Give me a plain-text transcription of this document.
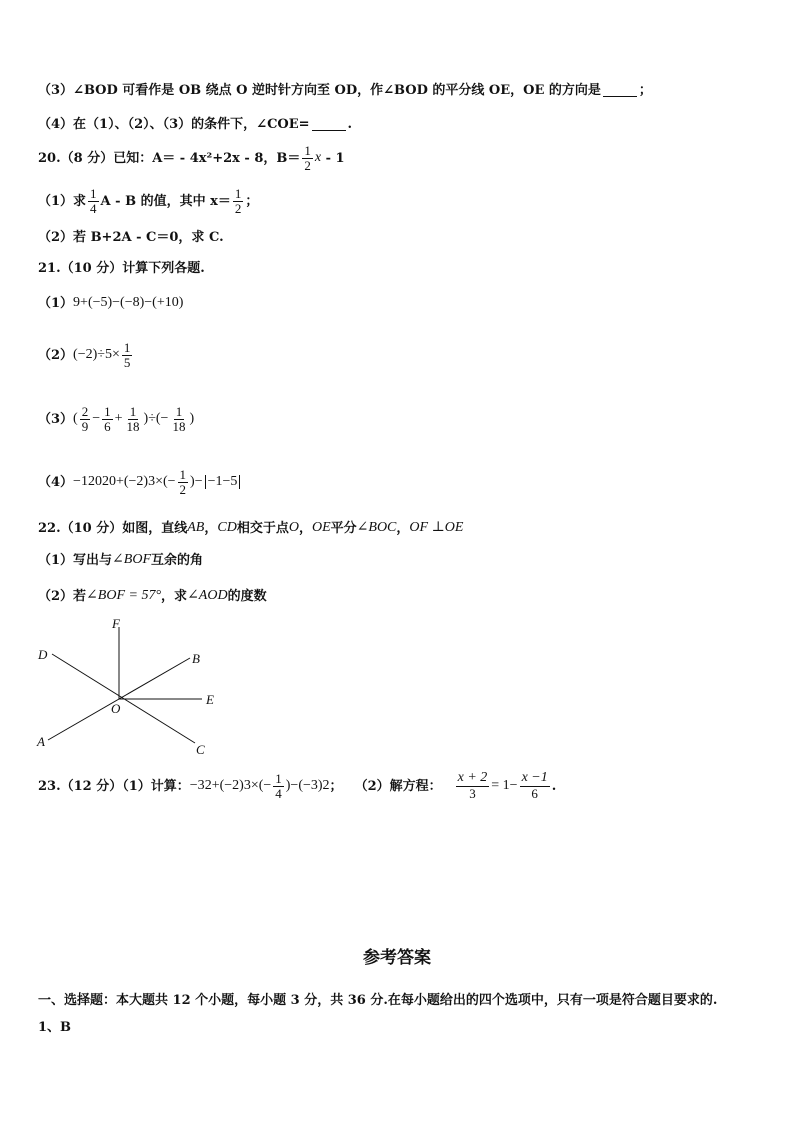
（3）∠BOD 可看作是 OB 绕点 O 逆时针方向至 OD，作∠BOD 的平分线 OE，OE 的方向是	；
（4）在（1）、（2）、（3）的条件下，∠COE=	.
20.（8 分）已知：A＝ - 4x²+2x - 8，$B= \frac{1}{2}$ x - 1
（1）求 $\frac{1}{4}$ A - B 的值，其中 $x= \frac{1}{2}$ ；
（2）若 B+2A - C＝0，求 C.
21.（10 分）计算下列各题.
（1） 9+(−5)−(−8)−(+10)
（2） $(-2)\div 5\times \frac{1}{5}$
（3） ( $\frac{2}{9} - \frac{1}{6} + \frac{1}{18}$ )÷(− $\frac{1}{18}$ )
（4） −1 2020 +(−2) 3 ×(− $\frac{1}{2}$ )− −1−5
22.（10 分）如图，直线 AB ， CD 相交于点 O ， OE 平分 ∠BOC ， OF ⊥OE
（1）写出与 ∠BOF 互余的角
（2）若 ∠BOF = 57° ，求 ∠AOD 的度数
F
D	B
O
E
A
C
23.（12 分）（1）计算： −3 2 +(−2) 3 ×(− $\frac{1}{4} )-(-3)$ 2 ； （2）解方程： $\frac{x + 2}{3} = 1- \frac{x -1}{6}$ .
参考答案
一、选择题：本大题共 12 个小题，每小题 3 分，共 36 分.在每小题给出的四个选项中，只有一项是符合题目要求的.
1、B
